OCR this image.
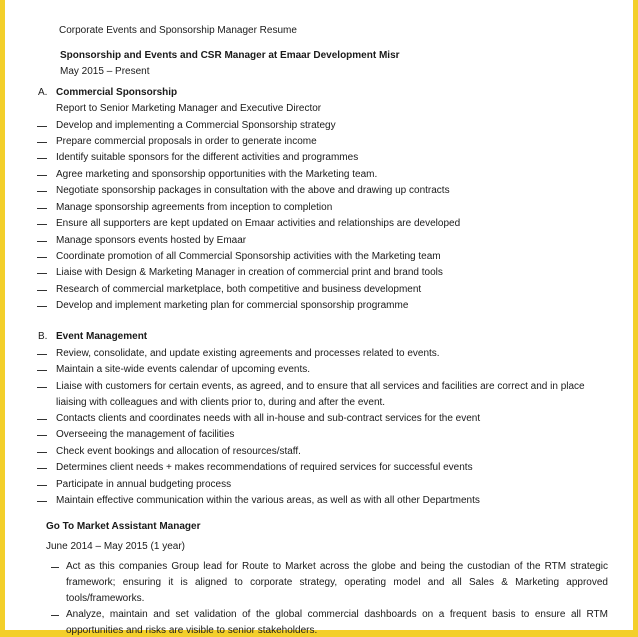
Corporate Events and Sponsorship Manager Resume
Sponsorship and Events and CSR Manager at Emaar Development Misr
May 2015 – Present
A. Commercial Sponsorship
Report to Senior Marketing Manager and Executive Director
Develop and implementing a Commercial Sponsorship strategy
Prepare commercial proposals in order to generate income
Identify suitable sponsors for the different activities and programmes
Agree marketing and sponsorship opportunities with the Marketing team.
Negotiate sponsorship packages in consultation with the above and drawing up contracts
Manage sponsorship agreements from inception to completion
Ensure all supporters are kept updated on Emaar activities and relationships are developed
Manage sponsors events hosted by Emaar
Coordinate promotion of all Commercial Sponsorship activities with the Marketing team
Liaise with Design & Marketing Manager in creation of commercial print and brand tools
Research of commercial marketplace, both competitive and business development
Develop and implement marketing plan for commercial sponsorship programme
B. Event Management
Review, consolidate, and update existing agreements and processes related to events.
Maintain a site-wide events calendar of upcoming events.
Liaise with customers for certain events, as agreed, and to ensure that all services and facilities are correct and in place
liaising with colleagues and with clients prior to, during and after the event.
Contacts clients and coordinates needs with all in-house and sub-contract services for the event
Overseeing the management of facilities
Check event bookings and allocation of resources/staff.
Determines client needs + makes recommendations of required services for successful events
Participate in annual budgeting process
Maintain effective communication within the various areas, as well as with all other Departments
Go To Market Assistant Manager
June 2014 – May 2015 (1 year)
Act as this companies Group lead for Route to Market across the globe and being the custodian of the RTM strategic
framework; ensuring it is aligned to corporate strategy, operating model and all Sales & Marketing approved
tools/frameworks.
Analyze, maintain and set validation of the global commercial dashboards on a frequent basis to ensure all RTM
opportunities and risks are visible to senior stakeholders.
